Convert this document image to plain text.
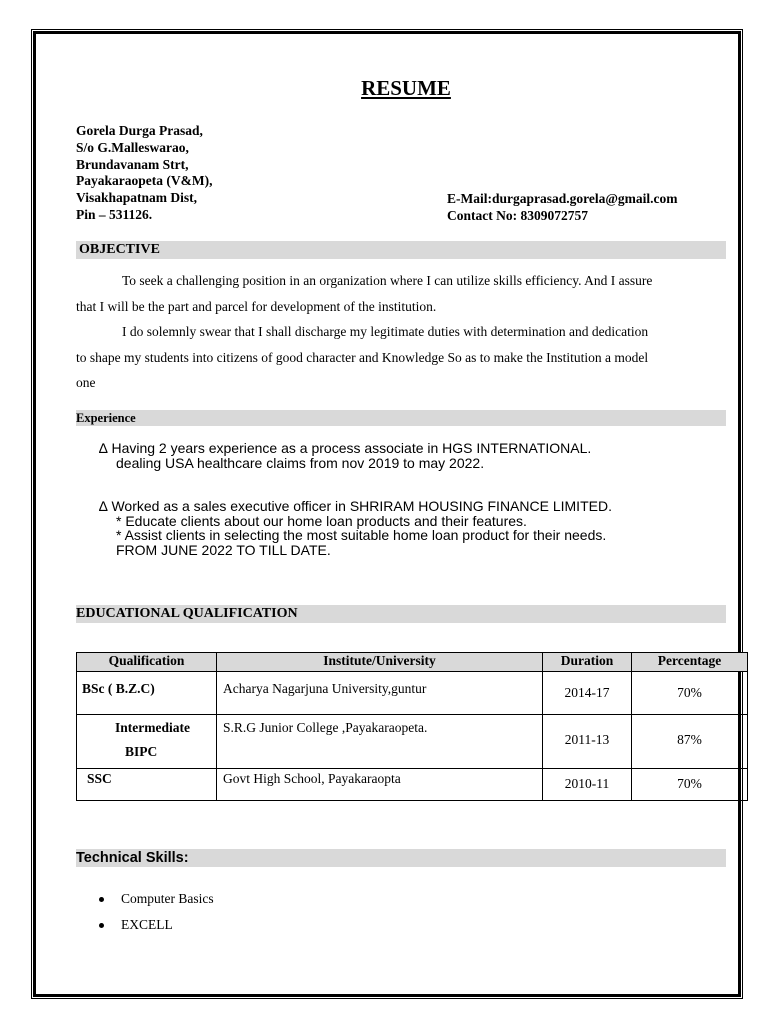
RESUME
Gorela Durga Prasad,
S/o G.Malleswarao,
Brundavanam Strt,
Payakaraopeta (V&M),
Visakhapatnam Dist,
Pin – 531126.
E-Mail:durgaprasad.gorela@gmail.com
Contact No: 8309072757
OBJECTIVE
To seek a challenging position in an organization where I can utilize skills efficiency. And I assure
that I will be the part and parcel for development of the institution.
I do solemnly swear that I shall discharge my legitimate duties with determination and dedication
to shape my students into citizens of good character and Knowledge So as to make the Institution a model
one
Experience
∆ Having 2 years experience as a process associate in HGS INTERNATIONAL.
dealing USA healthcare claims from nov 2019 to may 2022.
∆ Worked as a sales executive officer in SHRIRAM HOUSING FINANCE LIMITED.
* Educate clients about our home loan products and their features.
* Assist clients in selecting the most suitable home loan product for their needs.
FROM JUNE 2022 TO TILL DATE.
EDUCATIONAL QUALIFICATION
Qualification	Institute/University	Duration	Percentage

BSc ( B.Z.C)	Acharya Nagarjuna University,guntur	2014-17	70%

Intermediate
BIPC	S.R.G Junior College ,Payakaraopeta.	2011-13	87%

SSC	Govt High School, Payakaraopta	2010-11	70%
Technical Skills:
Computer Basics
EXCELL
